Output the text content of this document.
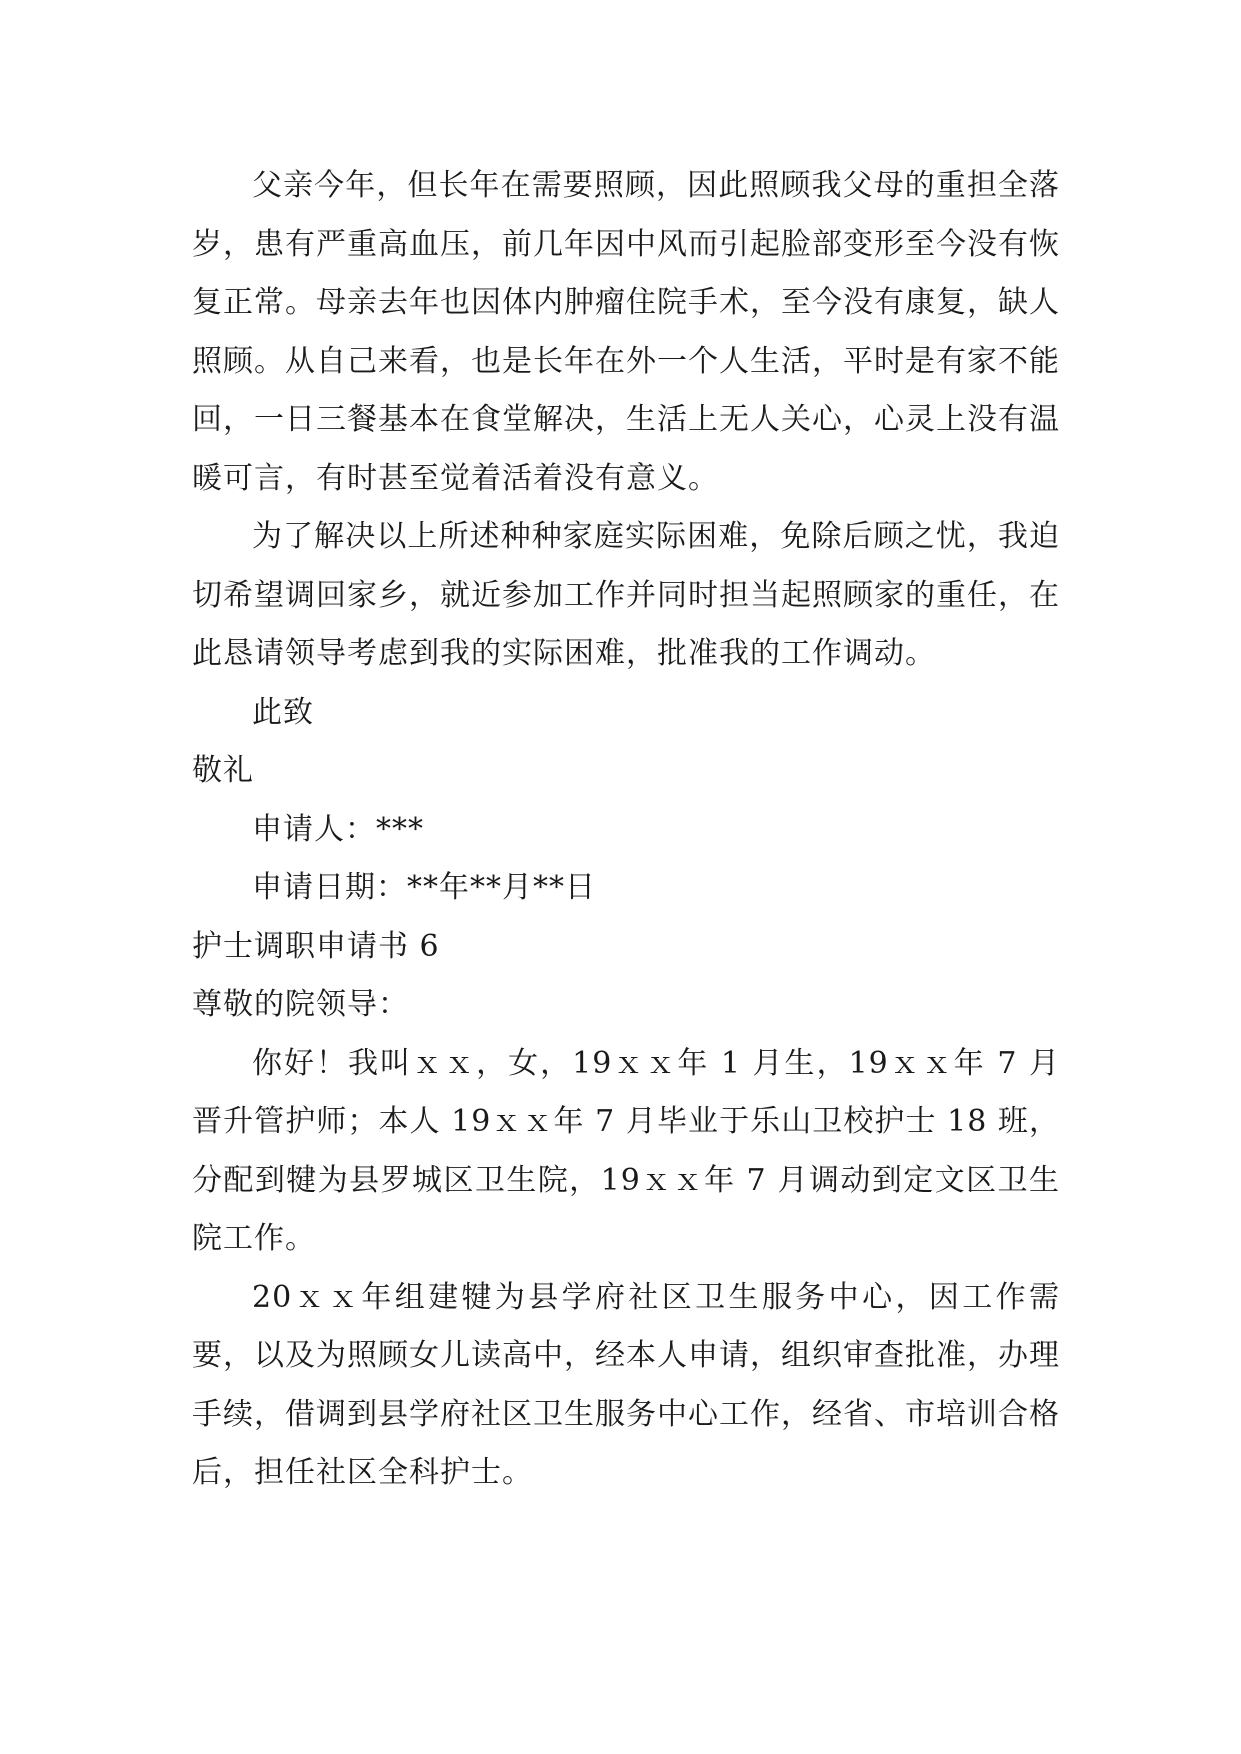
父亲今年，但长年在需要照顾，因此照顾我父母的重担全落岁，患有严重高血压，前几年因中风而引起脸部变形至今没有恢复正常。母亲去年也因体内肿瘤住院手术，至今没有康复，缺人照顾。从自己来看，也是长年在外一个人生活，平时是有家不能回，一日三餐基本在食堂解决，生活上无人关心，心灵上没有温暖可言，有时甚至觉着活着没有意义。

为了解决以上所述种种家庭实际困难，免除后顾之忧，我迫切希望调回家乡，就近参加工作并同时担当起照顾家的重任，在此恳请领导考虑到我的实际困难，批准我的工作调动。

此致

敬礼

申请人：***

申请日期：**年**月**日

护士调职申请书 6

尊敬的院领导：

你好！我叫ｘｘ，女，19ｘｘ年 1 月生，19ｘｘ年 7 月晋升管护师；本人 19ｘｘ年 7 月毕业于乐山卫校护士 18 班，分配到犍为县罗城区卫生院，19ｘｘ年 7 月调动到定文区卫生院工作。

20ｘｘ年组建犍为县学府社区卫生服务中心，因工作需要，以及为照顾女儿读高中，经本人申请，组织审查批准，办理手续，借调到县学府社区卫生服务中心工作，经省、市培训合格后，担任社区全科护士。
